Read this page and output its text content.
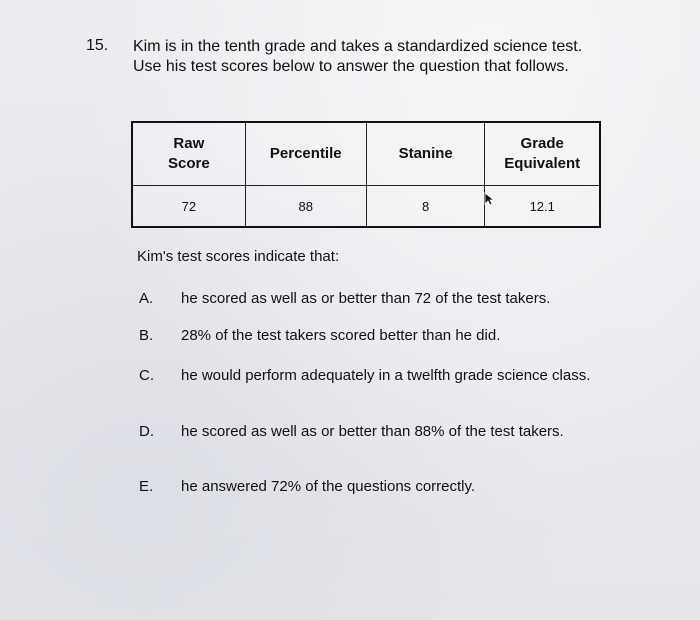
15. Kim is in the tenth grade and takes a standardized science test. Use his test scores below to answer the question that follows.
Raw Score	Percentile	Stanine	Grade Equivalent

72	88	8	12.1
Kim's test scores indicate that:
A.	he scored as well as or better than 72 of the test takers.
B.	28% of the test takers scored better than he did.
C.	he would perform adequately in a twelfth grade science class.
D.	he scored as well as or better than 88% of the test takers.
E.	he answered 72% of the questions correctly.
